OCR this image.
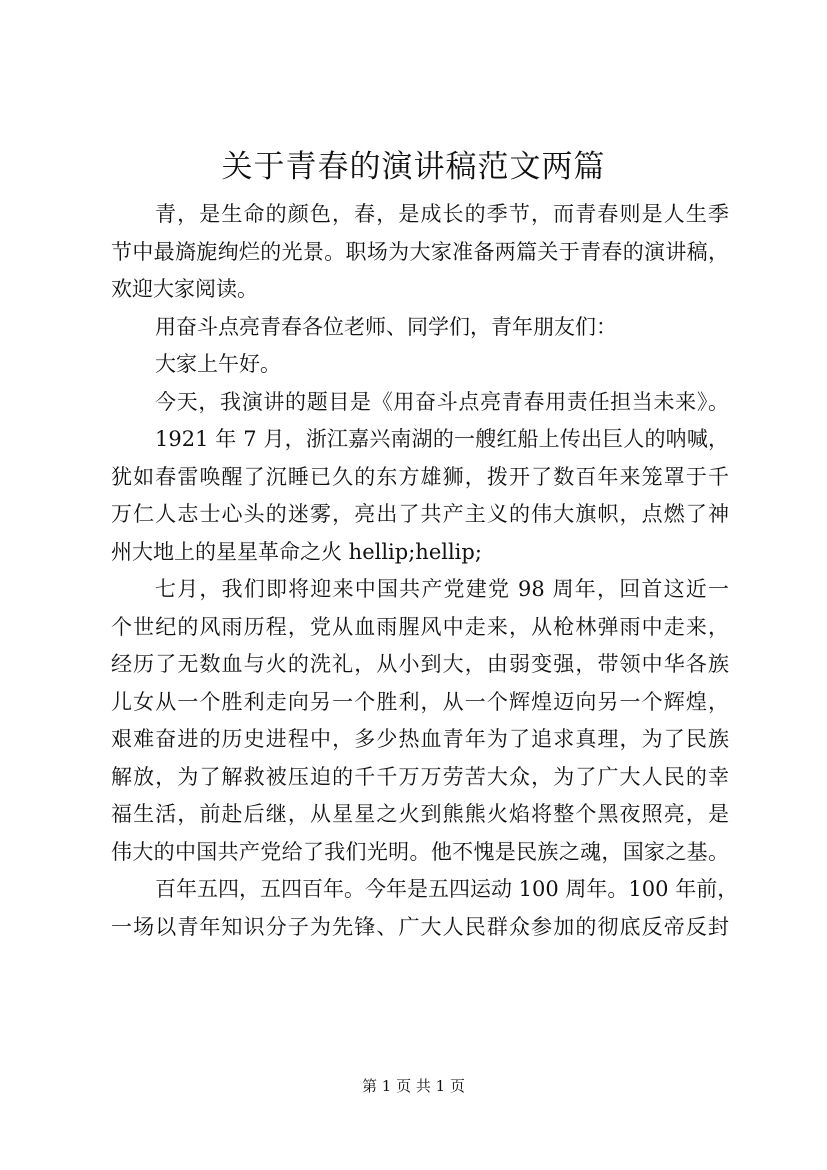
关于青春的演讲稿范文两篇
青，是生命的颜色，春，是成长的季节，而青春则是人生季
节中最旖旎绚烂的光景。职场为大家准备两篇关于青春的演讲稿，
欢迎大家阅读。
用奋斗点亮青春各位老师、同学们，青年朋友们：
大家上午好。
今天，我演讲的题目是《用奋斗点亮青春用责任担当未来》。
1921 年 7 月，浙江嘉兴南湖的一艘红船上传出巨人的呐喊，
犹如春雷唤醒了沉睡已久的东方雄狮，拨开了数百年来笼罩于千
万仁人志士心头的迷雾，亮出了共产主义的伟大旗帜，点燃了神
州大地上的星星革命之火 hellip;hellip;
七月，我们即将迎来中国共产党建党 98 周年，回首这近一
个世纪的风雨历程，党从血雨腥风中走来，从枪林弹雨中走来，
经历了无数血与火的洗礼，从小到大，由弱变强，带领中华各族
儿女从一个胜利走向另一个胜利，从一个辉煌迈向另一个辉煌，
艰难奋进的历史进程中，多少热血青年为了追求真理，为了民族
解放，为了解救被压迫的千千万万劳苦大众，为了广大人民的幸
福生活，前赴后继，从星星之火到熊熊火焰将整个黑夜照亮，是
伟大的中国共产党给了我们光明。他不愧是民族之魂，国家之基。
百年五四，五四百年。今年是五四运动 100 周年。100 年前，
一场以青年知识分子为先锋、广大人民群众参加的彻底反帝反封
第 1 页 共 1 页
